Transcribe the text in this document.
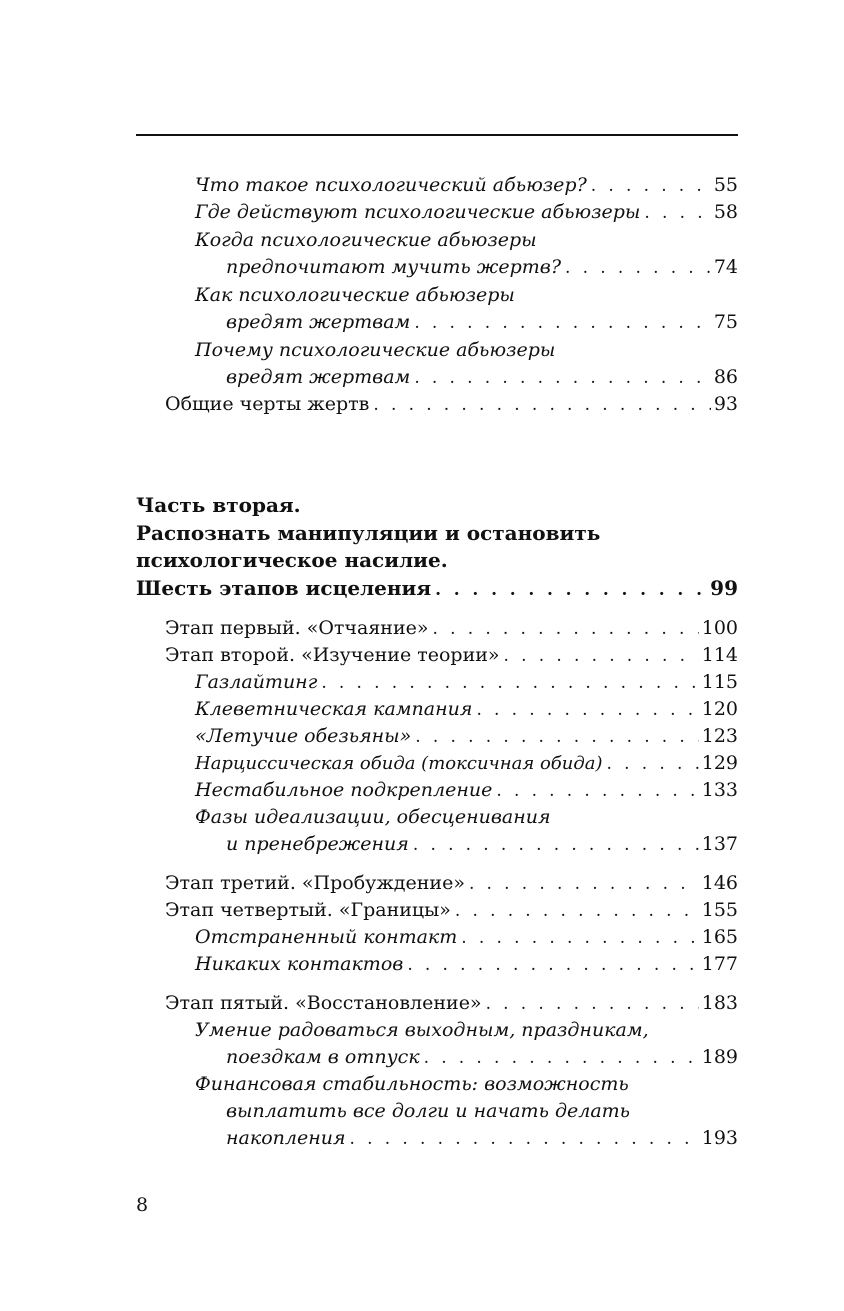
Что такое психологический абьюзер? . . .	55
Где действуют психологические абьюзеры . . .	58
Когда психологические абьюзеры
предпочитают мучить жертв? . . .	74
Как психологические абьюзеры
вредят жертвам . . .	75
Почему психологические абьюзеры
вредят жертвам . . .	86
Общие черты жертв . . .	93
Часть вторая.
Распознать манипуляции и остановить
психологическое насилие.
Шесть этапов исцеления . . .	99
Этап первый. «Отчаяние» . . .	100
Этап второй. «Изучение теории» . . .	114
Газлайтинг . . .	115
Клеветническая кампания . . .	120
«Летучие обезьяны» . . .	123
Нарциссическая обида (токсичная обида) . . .	129
Нестабильное подкрепление . . .	133
Фазы идеализации, обесценивания
и пренебрежения . . .	137
Этап третий. «Пробуждение» . . .	146
Этап четвертый. «Границы» . . .	155
Отстраненный контакт . . .	165
Никаких контактов . . .	177
Этап пятый. «Восстановление» . . .	183
Умение радоваться выходным, праздникам,
поездкам в отпуск . . .	189
Финансовая стабильность: возможность
выплатить все долги и начать делать
накопления . . .	193
8
